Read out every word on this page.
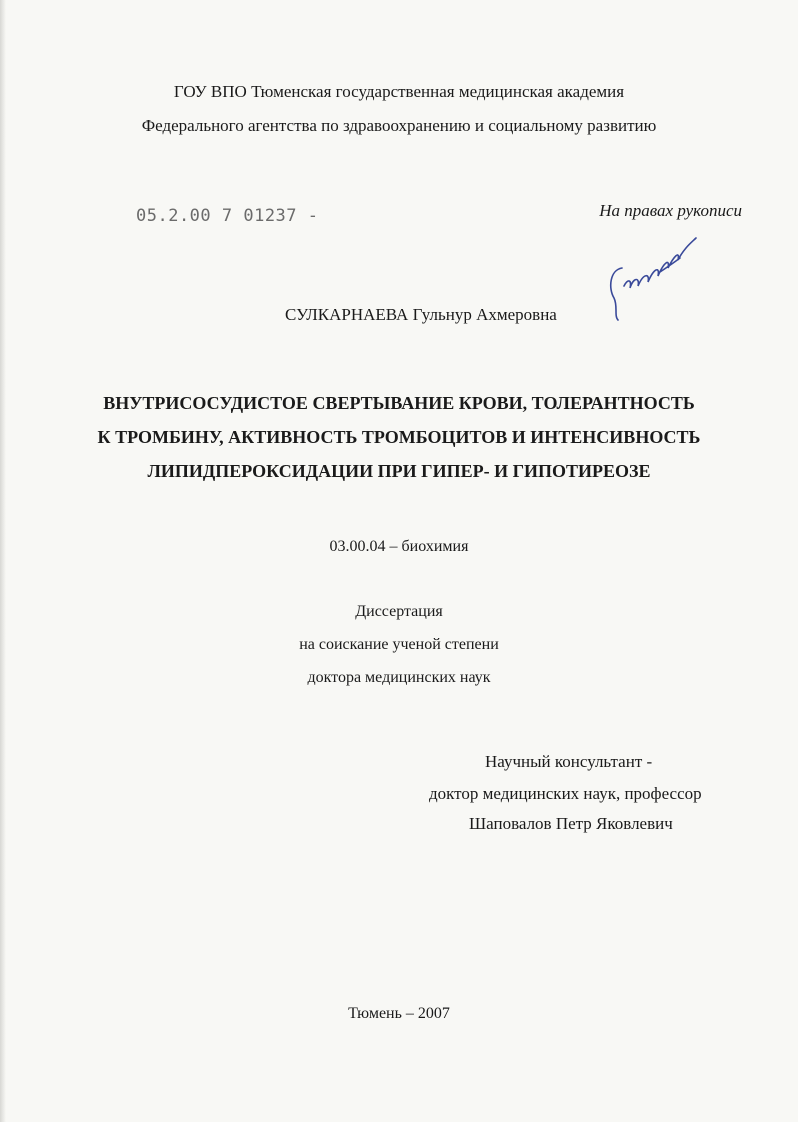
ГОУ ВПО Тюменская государственная медицинская академия
Федерального агентства по здравоохранению и социальному развитию
05.2.00 7 01237 -	На правах рукописи
СУЛКАРНАЕВА Гульнур Ахмеровна
ВНУТРИСОСУДИСТОЕ СВЕРТЫВАНИЕ КРОВИ, ТОЛЕРАНТНОСТЬ
К ТРОМБИНУ, АКТИВНОСТЬ ТРОМБОЦИТОВ И ИНТЕНСИВНОСТЬ
ЛИПИДПЕРОКСИДАЦИИ ПРИ ГИПЕР- И ГИПОТИРЕОЗЕ
03.00.04 – биохимия
Диссертация
на соискание ученой степени
доктора медицинских наук
Научный консультант -
доктор медицинских наук, профессор
Шаповалов Петр Яковлевич
Тюмень – 2007
